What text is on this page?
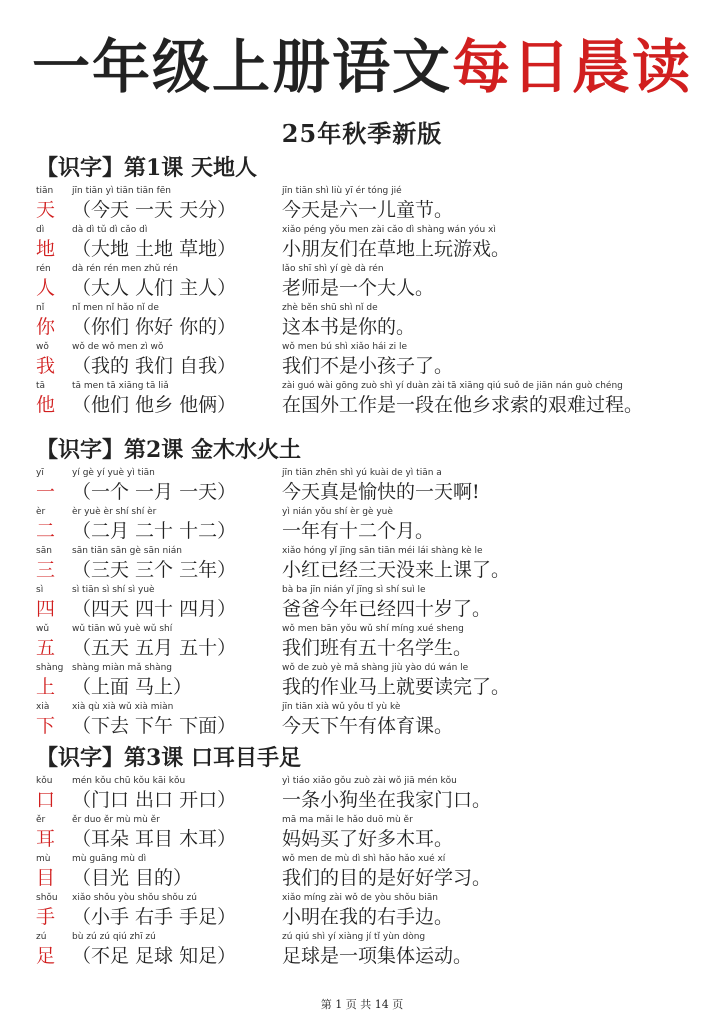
一年级上册语文每日晨读
25年秋季新版
【识字】第1课 天地人
tiān
天
jīn tiān yì tiān tiān fēn
（今天 一天 天分）
jīn tiān shì liù yī ér tóng jié
今天是六一儿童节。
dì
地
dà dì tǔ dì cǎo dì
（大地 土地 草地）
xiǎo péng yǒu men zài cǎo dì shàng wán yóu xì
小朋友们在草地上玩游戏。
rén
人
dà rén rén men zhǔ rén
（大人 人们 主人）
lǎo shī shì yí gè dà rén
老师是一个大人。
nǐ
你
nǐ men nǐ hǎo nǐ de
（你们 你好 你的）
zhè běn shū shì nǐ de
这本书是你的。
wǒ
我
wǒ de wǒ men zì wǒ
（我的 我们 自我）
wǒ men bú shì xiǎo hái zi le
我们不是小孩子了。
tā
他
tā men tā xiāng tā liǎ
（他们 他乡 他俩）
zài guó wài gōng zuò shì yí duàn zài tā xiāng qiú suǒ de jiān nán guò chéng
在国外工作是一段在他乡求索的艰难过程。
【识字】第2课 金木水火土
yī
一
yí gè yí yuè yì tiān
（一个 一月 一天）
jīn tiān zhēn shì yú kuài de yì tiān a
今天真是愉快的一天啊!
èr
二
èr yuè èr shí shí èr
（二月 二十 十二）
yì nián yǒu shí èr gè yuè
一年有十二个月。
sān
三
sān tiān sān gè sān nián
（三天 三个 三年）
xiǎo hóng yǐ jīng sān tiān méi lái shàng kè le
小红已经三天没来上课了。
sì
四
sì tiān sì shí sì yuè
（四天 四十 四月）
bà ba jīn nián yǐ jīng sì shí suì le
爸爸今年已经四十岁了。
wǔ
五
wǔ tiān wǔ yuè wǔ shí
（五天 五月 五十）
wǒ men bān yǒu wǔ shí míng xué sheng
我们班有五十名学生。
shàng
上
shàng miàn mǎ shàng
（上面 马上）
wǒ de zuò yè mǎ shàng jiù yào dú wán le
我的作业马上就要读完了。
xià
下
xià qù xià wǔ xià miàn
（下去 下午 下面）
jīn tiān xià wǔ yǒu tǐ yù kè
今天下午有体育课。
【识字】第3课 口耳目手足
kǒu
口
mén kǒu chū kǒu kāi kǒu
（门口 出口 开口）
yì tiáo xiǎo gǒu zuò zài wǒ jiā mén kǒu
一条小狗坐在我家门口。
ěr
耳
ěr duo ěr mù mù ěr
（耳朵 耳目 木耳）
mā ma mǎi le hǎo duō mù ěr
妈妈买了好多木耳。
mù
目
mù guāng mù dì
（目光 目的）
wǒ men de mù dì shì hǎo hǎo xué xí
我们的目的是好好学习。
shǒu
手
xiǎo shǒu yòu shǒu shǒu zú
（小手 右手 手足）
xiǎo míng zài wǒ de yòu shǒu biān
小明在我的右手边。
zú
足
bù zú zú qiú zhī zú
（不足 足球 知足）
zú qiú shì yí xiàng jí tǐ yùn dòng
足球是一项集体运动。
第 1 页 共 14 页
